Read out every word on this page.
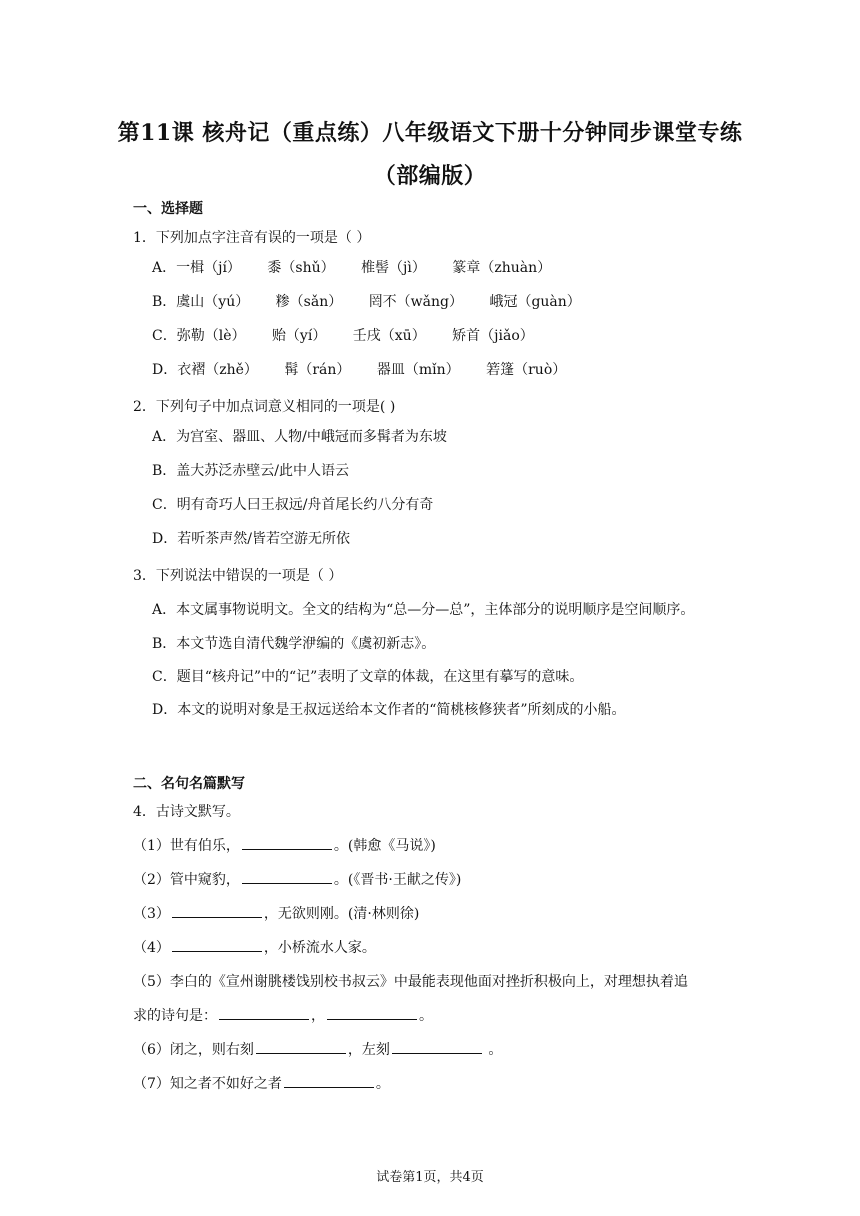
第11课 核舟记（重点练）八年级语文下册十分钟同步课堂专练
（部编版）
一、选择题
1．下列加点字注音有误的一项是（ ）
A．一楫（jí） 黍（shǔ） 椎髻（jì） 篆章（zhuàn）
B．虞山（yú） 糁（sǎn） 罔不（wǎng） 峨冠（guàn）
C．弥勒（lè） 贻（yí） 壬戌（xū） 矫首（jiǎo）
D．衣褶（zhě） 髯（rán） 器皿（mǐn） 箬篷（ruò）
2．下列句子中加点词意义相同的一项是( )
A．为宫室、器皿、人物/中峨冠而多髯者为东坡
B．盖大苏泛赤壁云/此中人语云
C．明有奇巧人曰王叔远/舟首尾长约八分有奇
D．若听茶声然/皆若空游无所依
3．下列说法中错误的一项是（ ）
A．本文属事物说明文。全文的结构为“总—分—总”，主体部分的说明顺序是空间顺序。
B．本文节选自清代魏学洢编的《虞初新志》。
C．题目“核舟记”中的“记”表明了文章的体裁，在这里有摹写的意味。
D．本文的说明对象是王叔远送给本文作者的“简桃核修狭者”所刻成的小船。
二、名句名篇默写
4．古诗文默写。
（1）世有伯乐，	。(韩愈《马说》)
（2）管中窥豹，	。(《晋书·王献之传》)
（3）	，无欲则刚。(清·林则徐)
（4）	，小桥流水人家。
（5）李白的《宣州谢朓楼饯别校书叔云》中最能表现他面对挫折积极向上，对理想执着追
求的诗句是：	，	。
（6）闭之，则右刻	，左刻	。
（7）知之者不如好之者	。
试卷第1页，共4页
